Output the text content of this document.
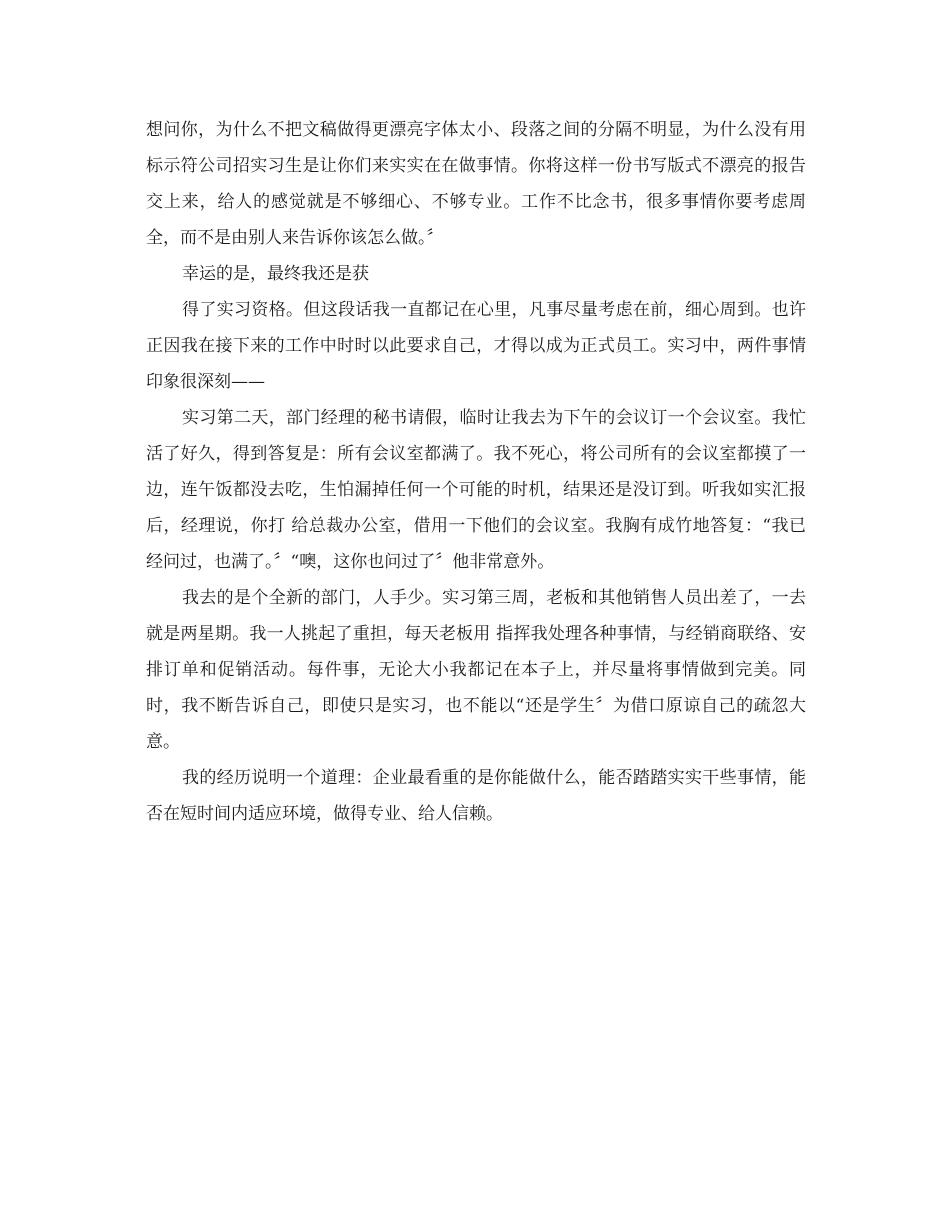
想问你，为什么不把文稿做得更漂亮字体太小、段落之间的分隔不明显，为什么没有用标示符公司招实习生是让你们来实实在在做事情。你将这样一份书写版式不漂亮的报告交上来，给人的感觉就是不够细心、不够专业。工作不比念书，很多事情你要考虑周全，而不是由别人来告诉你该怎么做。〞

幸运的是，最终我还是获

得了实习资格。但这段话我一直都记在心里，凡事尽量考虑在前，细心周到。也许正因我在接下来的工作中时时以此要求自己，才得以成为正式员工。实习中，两件事情印象很深刻——

实习第二天，部门经理的秘书请假，临时让我去为下午的会议订一个会议室。我忙活了好久，得到答复是：所有会议室都满了。我不死心，将公司所有的会议室都摸了一边，连午饭都没去吃，生怕漏掉任何一个可能的时机，结果还是没订到。听我如实汇报后，经理说，你打 给总裁办公室，借用一下他们的会议室。我胸有成竹地答复：“我已经问过，也满了。〞“噢，这你也问过了〞他非常意外。

我去的是个全新的部门，人手少。实习第三周，老板和其他销售人员出差了，一去就是两星期。我一人挑起了重担，每天老板用 指挥我处理各种事情，与经销商联络、安排订单和促销活动。每件事，无论大小我都记在本子上，并尽量将事情做到完美。同时，我不断告诉自己，即使只是实习，也不能以“还是学生〞为借口原谅自己的疏忽大意。

我的经历说明一个道理：企业最看重的是你能做什么，能否踏踏实实干些事情，能否在短时间内适应环境，做得专业、给人信赖。
